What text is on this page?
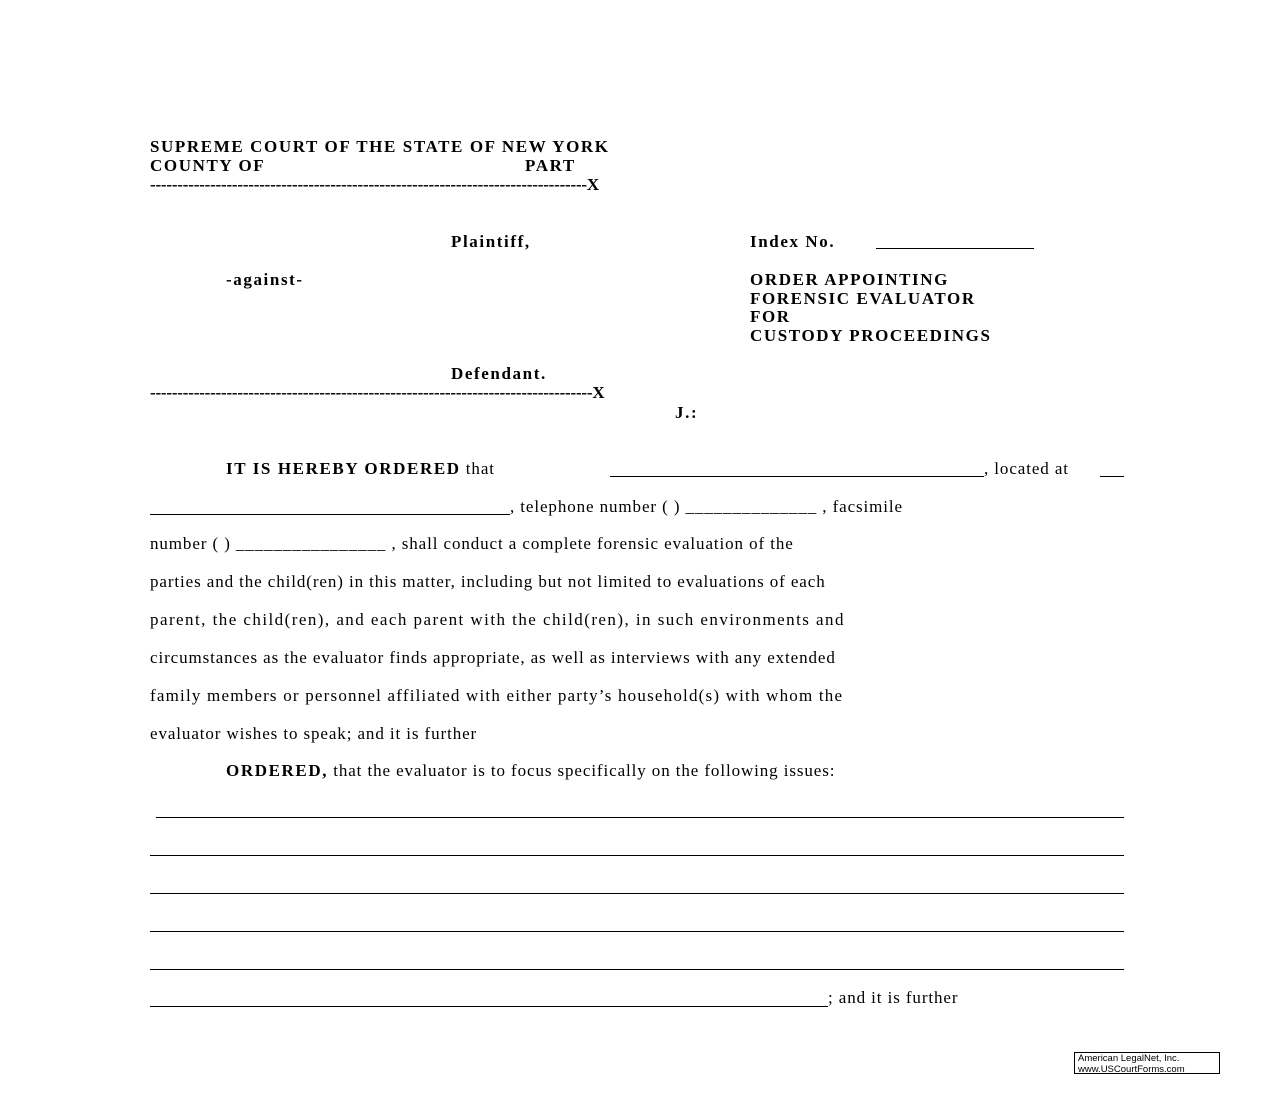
SUPREME COURT OF THE STATE OF NEW YORK
COUNTY OF	PART
--------------------------------------------------------------------------------X
Plaintiff,	Index No.
-against-	ORDER APPOINTING
FORENSIC EVALUATOR
FOR
CUSTODY PROCEEDINGS
Defendant.
---------------------------------------------------------------------------------X
J.:
IT IS HEREBY ORDERED that	, located at
, telephone number ( ) ______________ , facsimile
number ( ) ________________ , shall conduct a complete forensic evaluation of the
parties and the child(ren) in this matter, including but not limited to evaluations of each
parent, the child(ren), and each parent with the child(ren), in such environments and
circumstances as the evaluator finds appropriate, as well as interviews with any extended
family members or personnel affiliated with either party’s household(s) with whom the
evaluator wishes to speak; and it is further
ORDERED, that the evaluator is to focus specifically on the following issues:
; and it is further
American LegalNet, Inc.
www.USCourtForms.com
